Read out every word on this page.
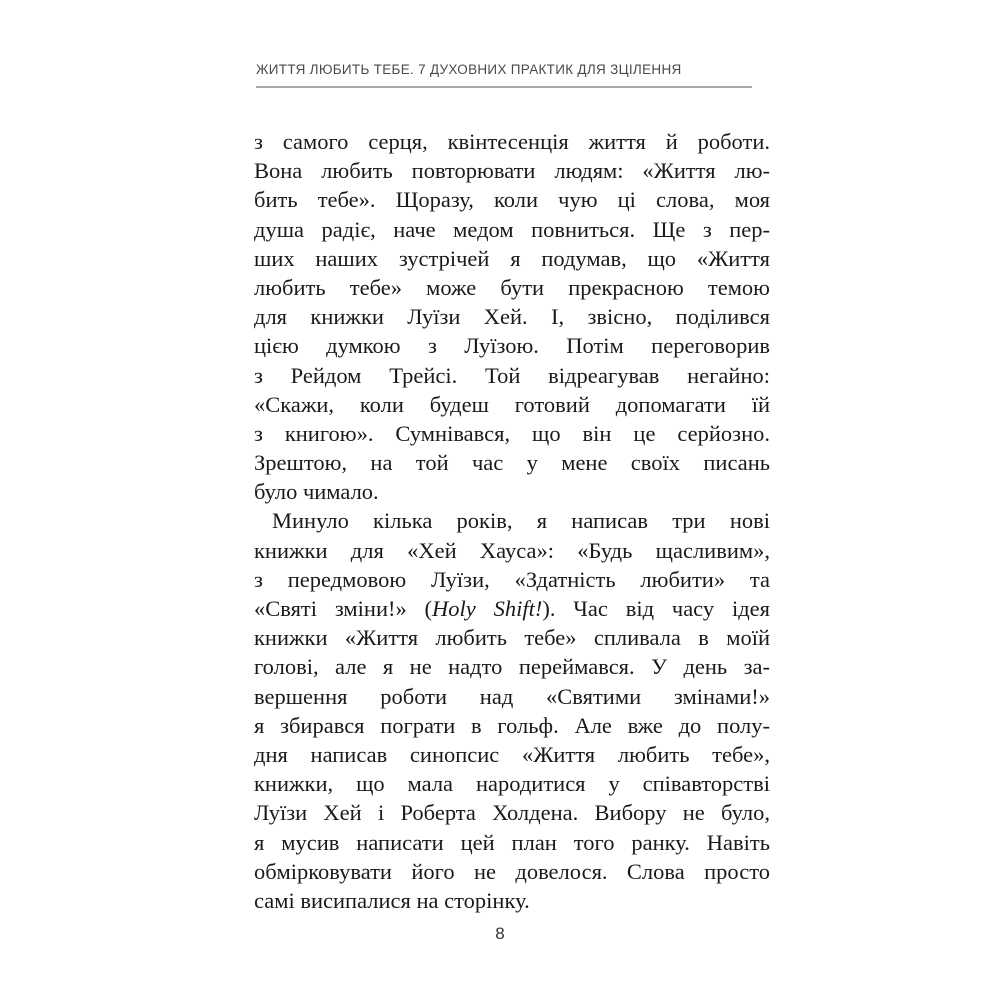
ЖИТТЯ ЛЮБИТЬ ТЕБЕ. 7 ДУХОВНИХ ПРАКТИК ДЛЯ ЗЦІЛЕННЯ
з самого серця, квінтесенція життя й роботи.
Вона любить повторювати людям: «Життя лю-
бить тебе». Щоразу, коли чую ці слова, моя
душа радіє, наче медом повниться. Ще з пер-
ших наших зустрічей я подумав, що «Життя
любить тебе» може бути прекрасною темою
для книжки Луїзи Хей. І, звісно, поділився
цією думкою з Луїзою. Потім переговорив
з Рейдом Трейсі. Той відреагував негайно:
«Скажи, коли будеш готовий допомагати їй
з книгою». Сумнівався, що він це серйозно.
Зрештою, на той час у мене своїх писань
було чимало.
Минуло кілька років, я написав три нові
книжки для «Хей Хауса»: «Будь щасливим»,
з передмовою Луїзи, «Здатність любити» та
«Святі зміни!» (Holy Shift!). Час від часу ідея
книжки «Життя любить тебе» спливала в моїй
голові, але я не надто переймався. У день за-
вершення роботи над «Святими змінами!»
я збирався пограти в гольф. Але вже до полу-
дня написав синопсис «Життя любить тебе»,
книжки, що мала народитися у співавторстві
Луїзи Хей і Роберта Холдена. Вибору не було,
я мусив написати цей план того ранку. Навіть
обмірковувати його не довелося. Слова просто
самі висипалися на сторінку.
8
